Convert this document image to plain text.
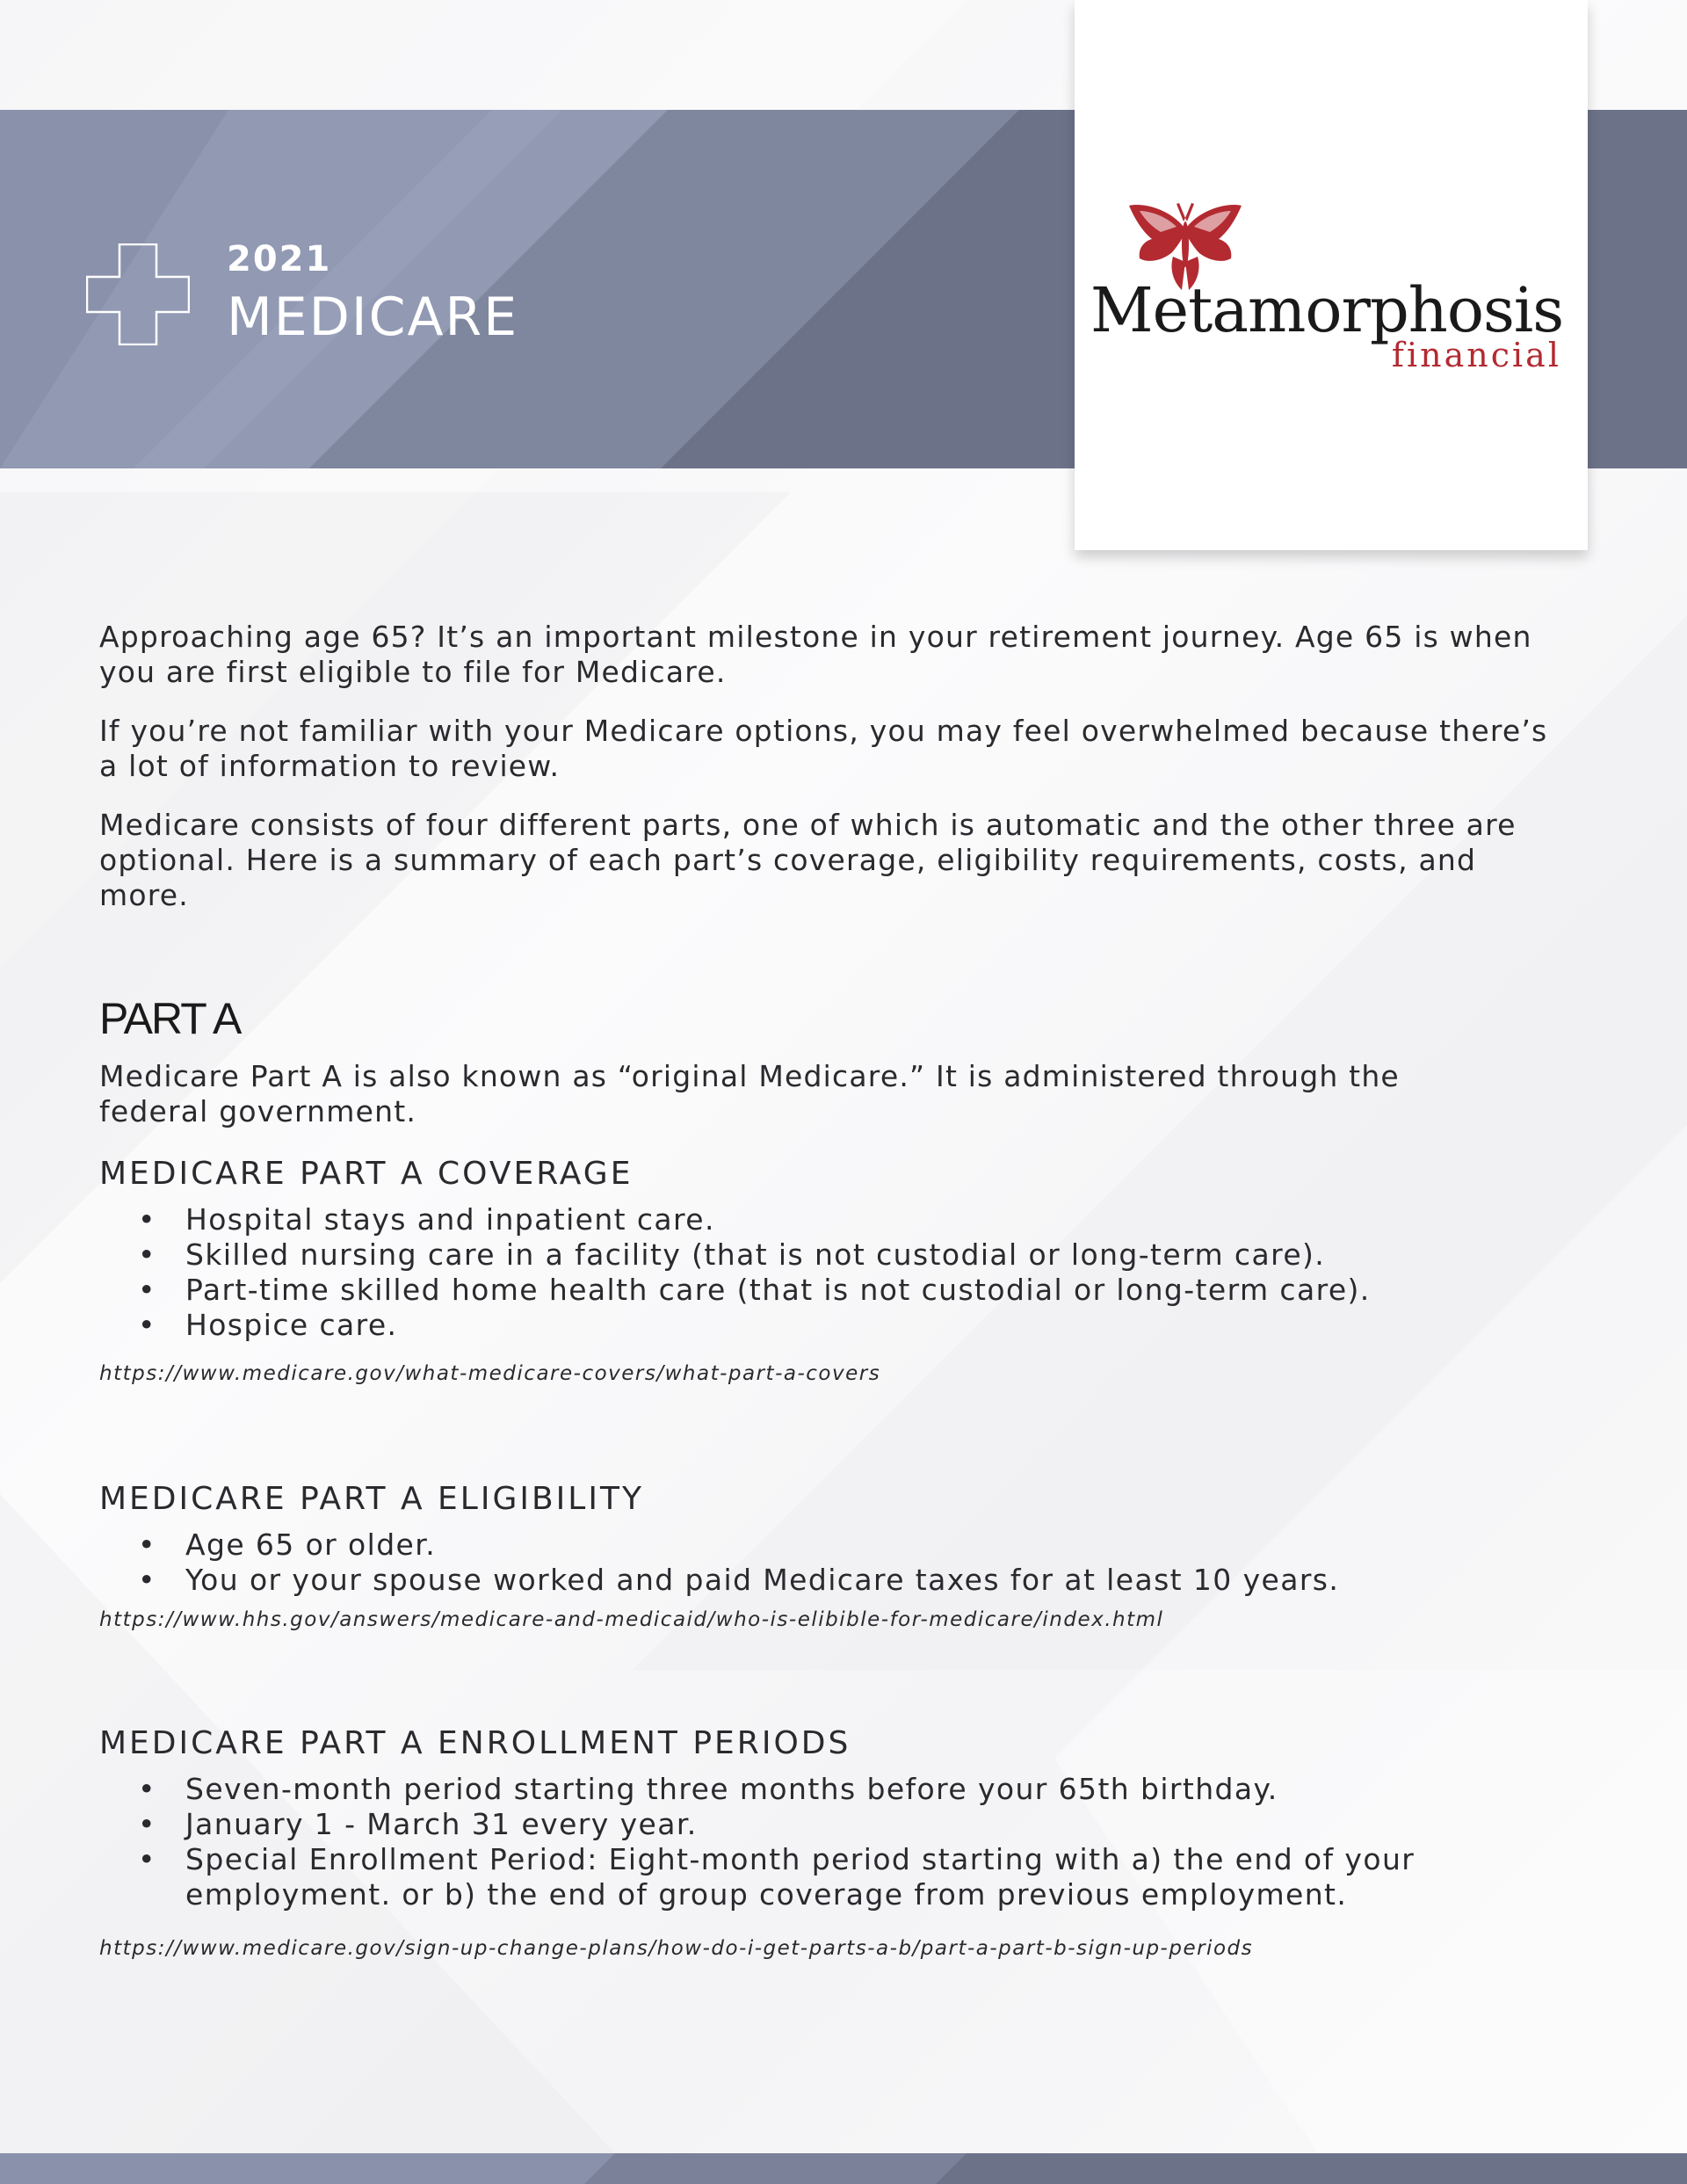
2021
MEDICARE	Metamorphosis
financial

Approaching age 65? It’s an important milestone in your retirement journey. Age 65 is when you are first eligible to file for Medicare.

If you’re not familiar with your Medicare options, you may feel overwhelmed because there’s a lot of information to review.

Medicare consists of four different parts, one of which is automatic and the other three are optional. Here is a summary of each part’s coverage, eligibility requirements, costs, and more.

PART A

Medicare Part A is also known as “original Medicare.” It is administered through the federal government.

MEDICARE PART A COVERAGE
• Hospital stays and inpatient care.
• Skilled nursing care in a facility (that is not custodial or long-term care).
• Part-time skilled home health care (that is not custodial or long-term care).
• Hospice care.

https://www.medicare.gov/what-medicare-covers/what-part-a-covers

MEDICARE PART A ELIGIBILITY
• Age 65 or older.
• You or your spouse worked and paid Medicare taxes for at least 10 years.

https://www.hhs.gov/answers/medicare-and-medicaid/who-is-elibible-for-medicare/index.html

MEDICARE PART A ENROLLMENT PERIODS
• Seven-month period starting three months before your 65th birthday.
• January 1 - March 31 every year.
• Special Enrollment Period: Eight-month period starting with a) the end of your employment. or b) the end of group coverage from previous employment.

https://www.medicare.gov/sign-up-change-plans/how-do-i-get-parts-a-b/part-a-part-b-sign-up-periods
